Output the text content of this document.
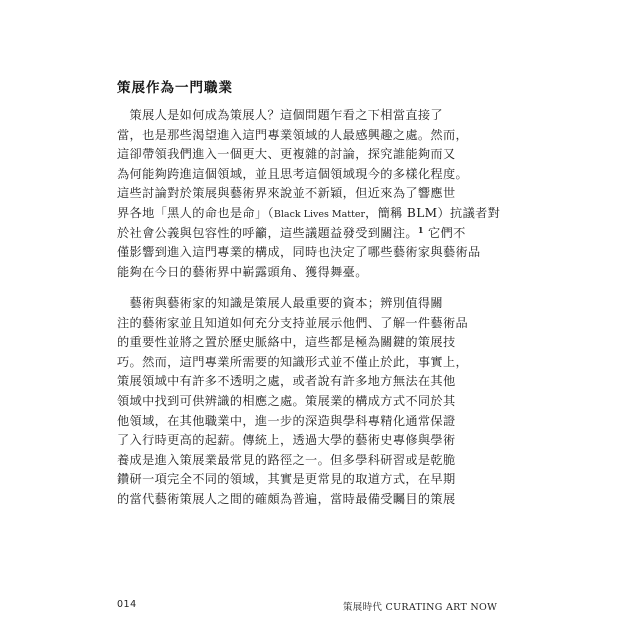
策展作為一門職業
　策展人是如何成為策展人？這個問題乍看之下相當直接了
當，也是那些渴望進入這門專業領域的人最感興趣之處。然而，
這卻帶領我們進入一個更大、更複雜的討論，探究誰能夠而又
為何能夠跨進這個領域，並且思考這個領域現今的多樣化程度。
這些討論對於策展與藝術界來說並不新穎，但近來為了響應世
界各地「黑人的命也是命」（Black Lives Matter，簡稱 BLM）抗議者對
於社會公義與包容性的呼籲，這些議題益發受到關注。$^1$ 它們不
僅影響到進入這門專業的構成，同時也決定了哪些藝術家與藝術品
能夠在今日的藝術界中嶄露頭角、獲得舞臺。
　藝術與藝術家的知識是策展人最重要的資本；辨別值得關
注的藝術家並且知道如何充分支持並展示他們、了解一件藝術品
的重要性並將之置於歷史脈絡中，這些都是極為關鍵的策展技
巧。然而，這門專業所需要的知識形式並不僅止於此，事實上，
策展領域中有許多不透明之處，或者說有許多地方無法在其他
領域中找到可供辨識的相應之處。策展業的構成方式不同於其
他領域，在其他職業中，進一步的深造與學科專精化通常保證
了入行時更高的起薪。傳統上，透過大學的藝術史專修與學術
養成是進入策展業最常見的路徑之一。但多學科研習或是乾脆
鑽研一項完全不同的領域，其實是更常見的取道方式，在早期
的當代藝術策展人之間的確頗為普遍，當時最備受矚目的策展
014	策展時代 CURATING ART NOW
